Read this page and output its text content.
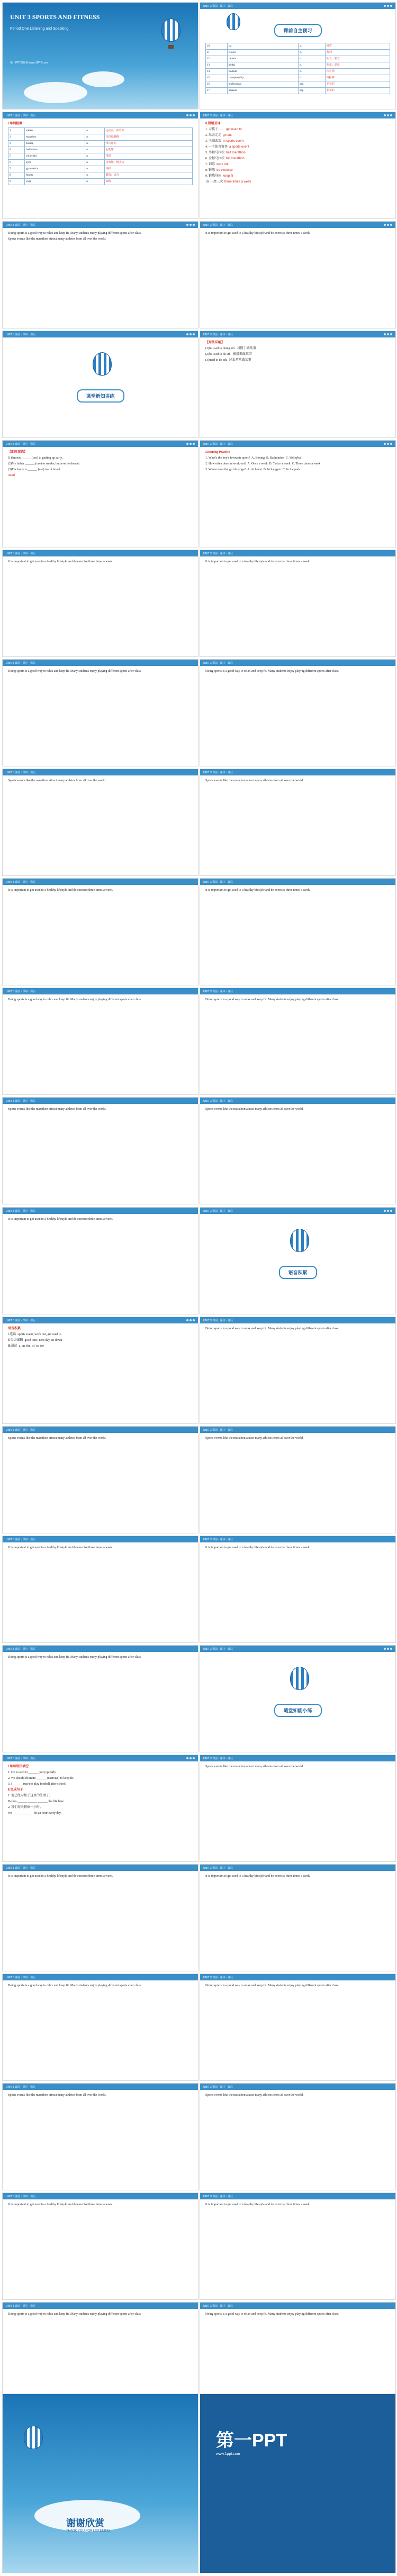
UNIT 3 SPORTS AND FITNESS
Period One Listening and Speaking
第一PPT模板网 www.1PPT.com
UNIT 3 课前 · 课中 · 课后
课前自主预习
10	ski	v.	滑雪
11	referee	n.	裁判
12	captain	n.	队长；船长
13	medal	n.	奖章；勋章
14	stadium	n.	体育场
15	championship	n.	锦标赛
16	professional	adj.	专业的
17	amateur	adj.	业余的
UNIT 3 课前 · 课中 · 课后

Ⅰ.单词检测

1	athlete	n.	运动员；体育家
2	marathon	n.	马拉松赛跑
3	boxing	n.	拳击运动
4	badminton	n.	羽毛球
5	volleyball	n.	排球
6	gym	n.	体育馆；健身房
7	gymnastics	n.	体操
8	fitness	n.	健康；适合
9	yoga	n.	瑜伽
UNIT 3 课前 · 课中 · 课后

Ⅱ.短语互译

1. 习惯于……  get used to

2. 出去走走  go out

3. 全副武装  in sports event

4. 一个体育赛事  a sports event

5. 半程马拉松  half marathon

6. 全程马拉松  full marathon

7. 训练  work out

8. 锻炼  do exercise

9. 锻炼身体  keep fit

10. 一周三次  three times a week

UNIT 3 课前 · 课中 · 课后

Doing sports is a good way to relax and keep fit. Many students enjoy playing different sports after class.

Sports events like the marathon attract many athletes from all over the world.

UNIT 3 课前 · 课中 · 课后

It is important to get used to a healthy lifestyle and do exercise three times a week.

UNIT 3 课前 · 课中 · 课后
课堂新知讲练
UNIT 3 课前 · 课中 · 课后

【用法详解】

(1)be used to doing sth.  习惯于做某事

(2)be used to do sth.  被用来做某事

(3)used to do sth.  过去常常做某事

UNIT 3 课前 · 课中 · 课后

【即时演练】

(1)I'm not ______ (use) to getting up early.

(2)My father ______ (use) to smoke, but now he doesn't.

(3)The knife is ______ (use) to cut bread.

used

UNIT 3 课前 · 课中 · 课后

Listening Practice

1. What's the boy's favourite sport?  A. Boxing  B. Badminton  C. Volleyball

2. How often does he work out?  A. Once a week  B. Twice a week  C. Three times a week

3. Where does the girl do yoga?  A. At home  B. In the gym  C. In the park

UNIT 3 课前 · 课中 · 课后

It is important to get used to a healthy lifestyle and do exercise three times a week.

UNIT 3 课前 · 课中 · 课后

It is important to get used to a healthy lifestyle and do exercise three times a week.

UNIT 3 课前 · 课中 · 课后

Doing sports is a good way to relax and keep fit. Many students enjoy playing different sports after class.

UNIT 3 课前 · 课中 · 课后

Doing sports is a good way to relax and keep fit. Many students enjoy playing different sports after class.

UNIT 3 课前 · 课中 · 课后

Sports events like the marathon attract many athletes from all over the world.

UNIT 3 课前 · 课中 · 课后

Sports events like the marathon attract many athletes from all over the world.

UNIT 3 课前 · 课中 · 课后

It is important to get used to a healthy lifestyle and do exercise three times a week.

UNIT 3 课前 · 课中 · 课后

It is important to get used to a healthy lifestyle and do exercise three times a week.

UNIT 3 课前 · 课中 · 课后

Doing sports is a good way to relax and keep fit. Many students enjoy playing different sports after class.

UNIT 3 课前 · 课中 · 课后

Doing sports is a good way to relax and keep fit. Many students enjoy playing different sports after class.

UNIT 3 课前 · 课中 · 课后

Sports events like the marathon attract many athletes from all over the world.

UNIT 3 课前 · 课中 · 课后

Sports events like the marathon attract many athletes from all over the world.

UNIT 3 课前 · 课中 · 课后

It is important to get used to a healthy lifestyle and do exercise three times a week.

UNIT 3 课前 · 课中 · 课后

Doing sports is a good way to relax and keep fit. Many students enjoy playing different sports after class.

UNIT 3 课前 · 课中 · 课后

Sports events like the marathon attract many athletes from all over the world.

UNIT 3 课前 · 课中 · 课后

Sports events like the marathon attract many athletes from all over the world.

UNIT 3 课前 · 课中 · 课后

It is important to get used to a healthy lifestyle and do exercise three times a week.

UNIT 3 课前 · 课中 · 课后

It is important to get used to a healthy lifestyle and do exercise three times a week.

UNIT 3 课前 · 课中 · 课后

Doing sports is a good way to relax and keep fit. Many students enjoy playing different sports after class.

UNIT 3 课前 · 课中 · 课后

Sports events like the marathon attract many athletes from all over the world.

UNIT 3 课前 · 课中 · 课后

It is important to get used to a healthy lifestyle and do exercise three times a week.

UNIT 3 课前 · 课中 · 课后

It is important to get used to a healthy lifestyle and do exercise three times a week.

UNIT 3 课前 · 课中 · 课后

Doing sports is a good way to relax and keep fit. Many students enjoy playing different sports after class.

UNIT 3 课前 · 课中 · 课后

Doing sports is a good way to relax and keep fit. Many students enjoy playing different sports after class.

UNIT 3 课前 · 课中 · 课后

Sports events like the marathon attract many athletes from all over the world.

UNIT 3 课前 · 课中 · 课后

Sports events like the marathon attract many athletes from all over the world.

UNIT 3 课前 · 课中 · 课后

It is important to get used to a healthy lifestyle and do exercise three times a week.

UNIT 3 课前 · 课中 · 课后

It is important to get used to a healthy lifestyle and do exercise three times a week.

UNIT 3 课前 · 课中 · 课后

Doing sports is a good way to relax and keep fit. Many students enjoy playing different sports after class.

UNIT 3 课前 · 课中 · 课后

Doing sports is a good way to relax and keep fit. Many students enjoy playing different sports after class.

UNIT 3 课前 · 课中 · 课后
语音积累
UNIT 3 课前 · 课中 · 课后

语音积累

Ⅰ.连读  sports event, work out, get used to

Ⅱ.失去爆破  good time, next day, sit down

Ⅲ.弱读  a, an, the, of, to, for

UNIT 3 课前 · 课中 · 课后
随堂知能小练
UNIT 3 课前 · 课中 · 课后

Ⅰ.单句语法填空

1. He is used to ______ (get) up early.

2. We should do more ______ (exercise) to keep fit.

3. I ______ (use) to play football after school.

Ⅱ.完成句子

1. 他已经习惯于这里的生活了。

He has ______ ______ ______ the life here.

2. 我们每天锻炼一小时。

We ______ ______ for an hour every day.

谢谢欣赏
THANK YOU FOR LISTENING
第一PPT
www.1ppt.com
